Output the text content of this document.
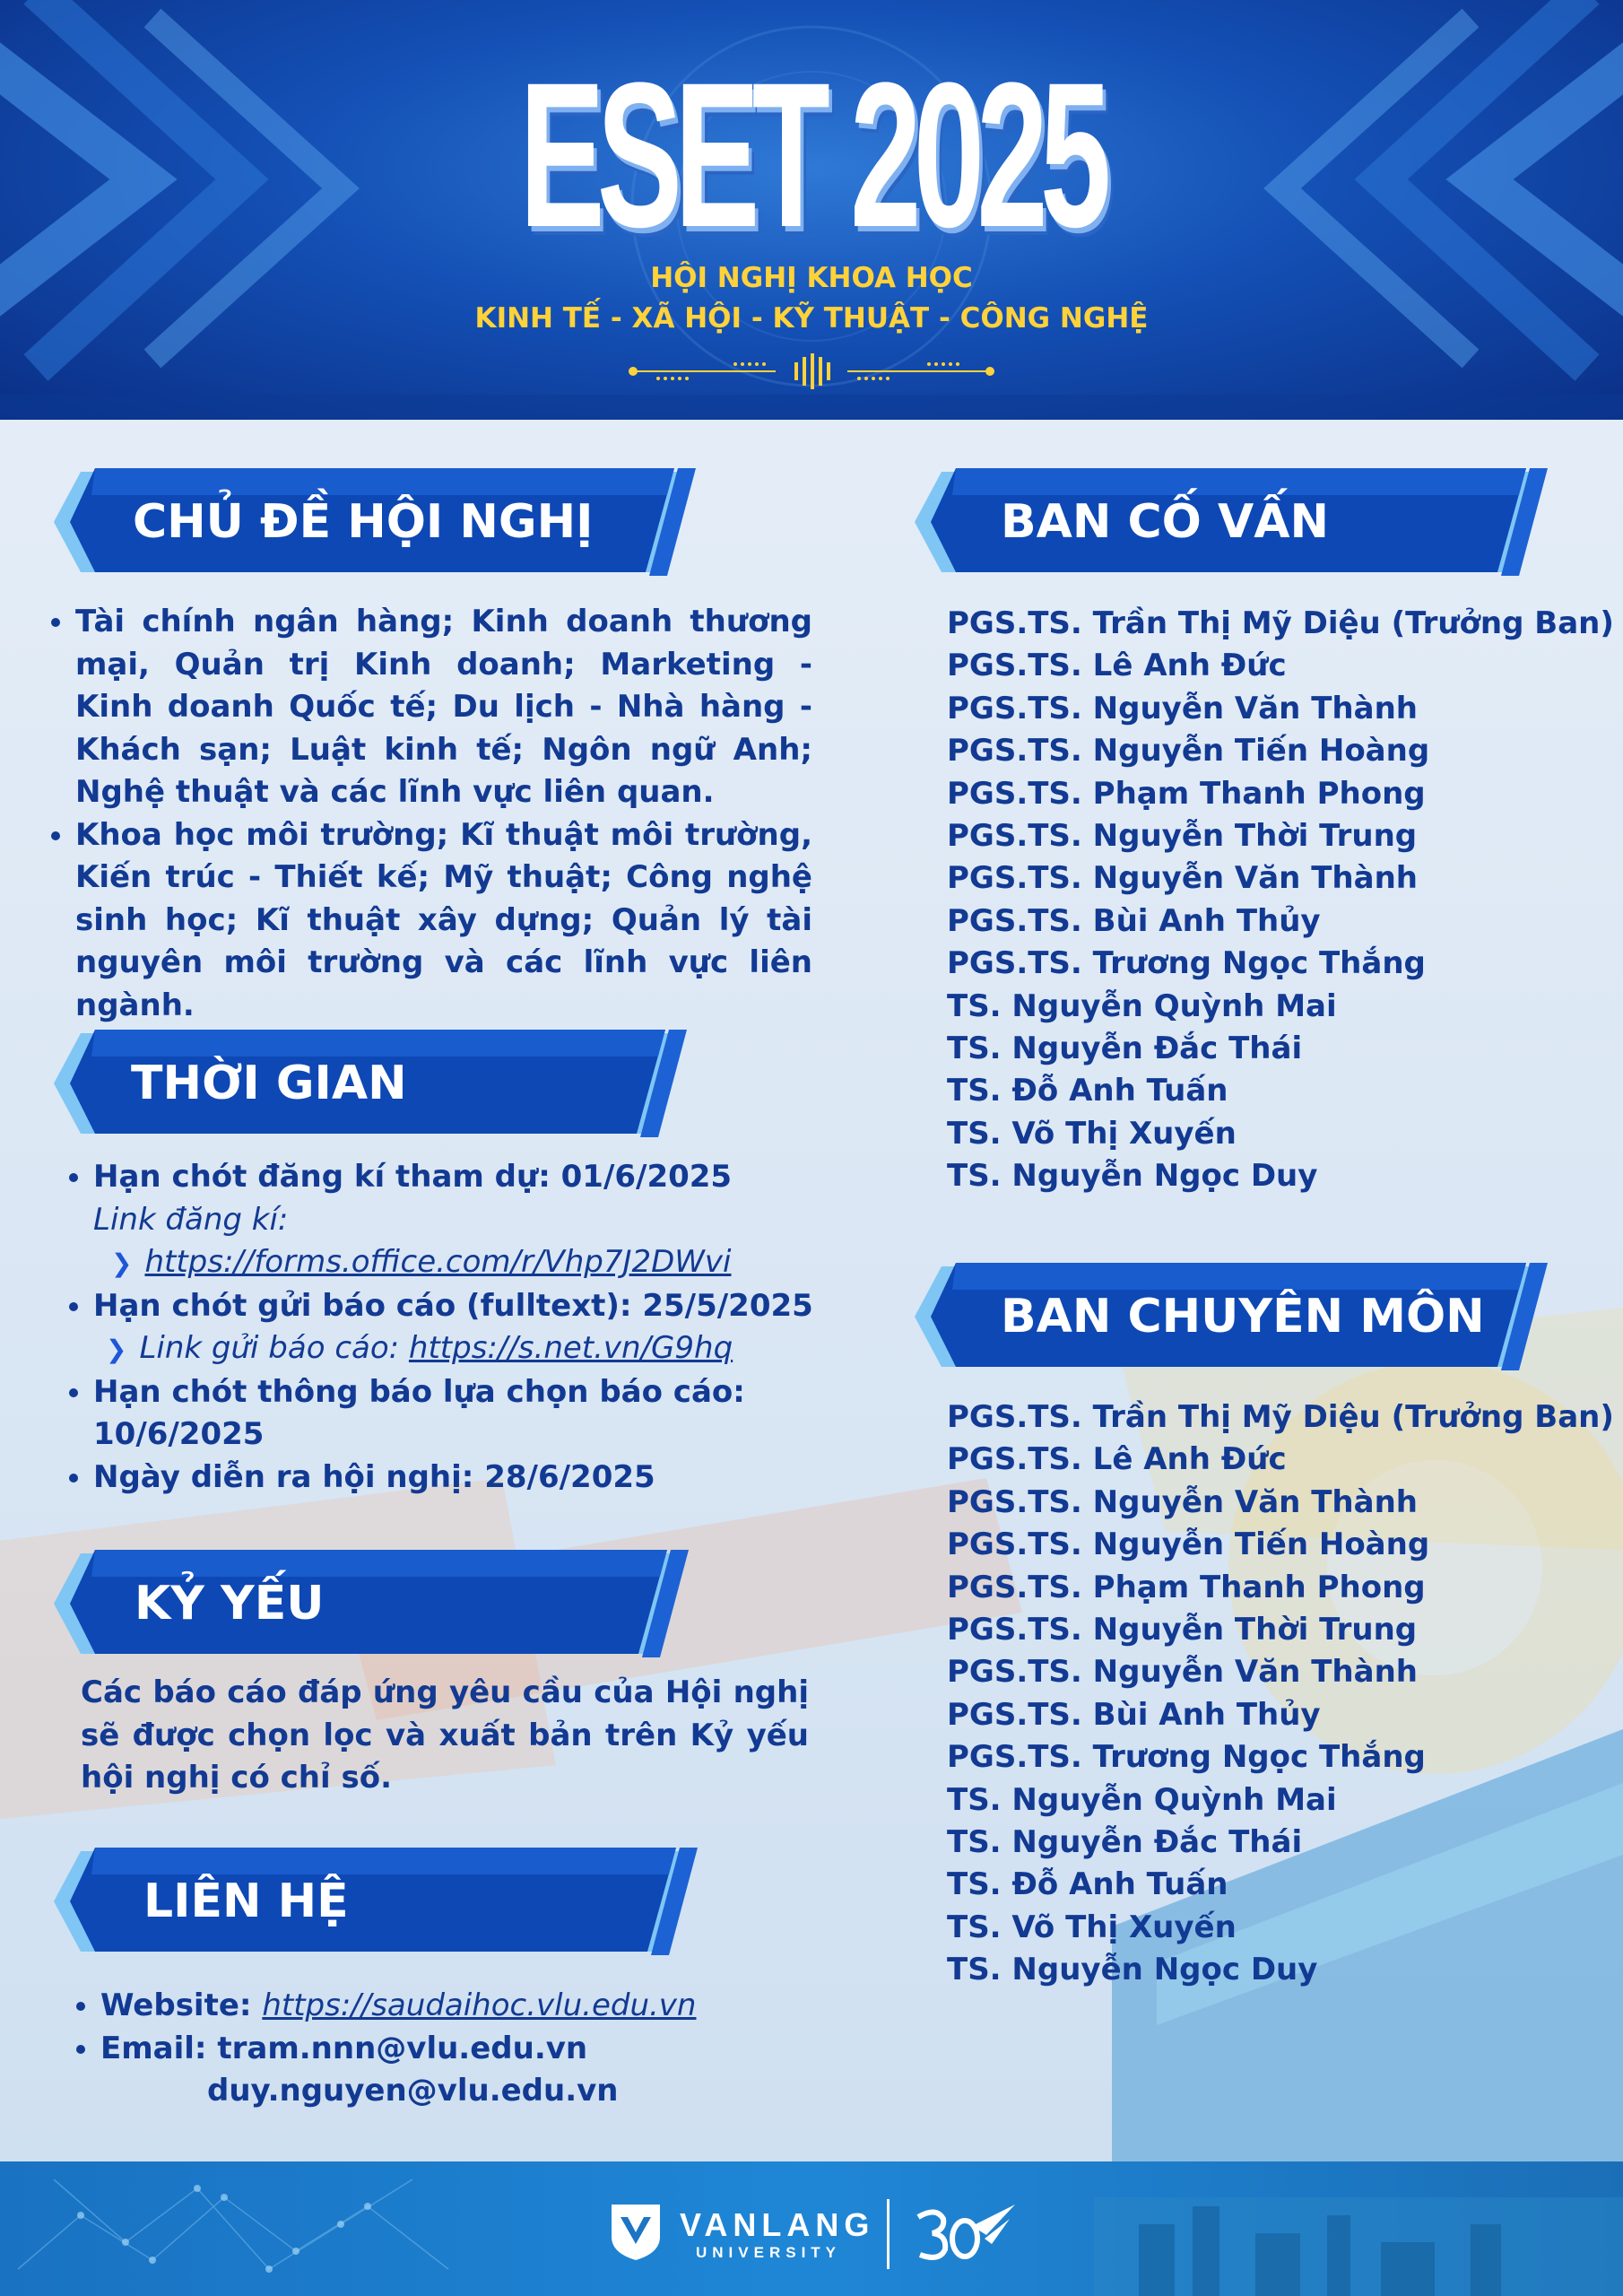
ESET 2025
HỘI NGHỊ KHOA HỌC
KINH TẾ - XÃ HỘI - KỸ THUẬT - CÔNG NGHỆ
CHỦ ĐỀ HỘI NGHỊ
THỜI GIAN
KỶ YẾU
LIÊN HỆ
BAN CỐ VẤN
BAN CHUYÊN MÔN
• Tài chính ngân hàng; Kinh doanh thương mại, Quản trị Kinh doanh; Marketing - Kinh doanh Quốc tế; Du lịch - Nhà hàng - Khách sạn; Luật kinh tế; Ngôn ngữ Anh; Nghệ thuật và các lĩnh vực liên quan.
• Khoa học môi trường; Kĩ thuật môi trường, Kiến trúc - Thiết kế; Mỹ thuật; Công nghệ sinh học; Kĩ thuật xây dựng; Quản lý tài nguyên môi trường và các lĩnh vực liên ngành.
• Hạn chót đăng kí tham dự: 01/6/2025
Link đăng kí:
❯ https://forms.office.com/r/Vhp7J2DWvi
• Hạn chót gửi báo cáo (fulltext): 25/5/2025
❯ Link gửi báo cáo: https://s.net.vn/G9hq
• Hạn chót thông báo lựa chọn báo cáo:
10/6/2025
• Ngày diễn ra hội nghị: 28/6/2025
Các báo cáo đáp ứng yêu cầu của Hội nghị sẽ được chọn lọc và xuất bản trên Kỷ yếu hội nghị có chỉ số.
• Website: https://saudaihoc.vlu.edu.vn
• Email: tram.nnn@vlu.edu.vn
duy.nguyen@vlu.edu.vn
PGS.TS. Trần Thị Mỹ Diệu (Trưởng Ban)
PGS.TS. Lê Anh Đức
PGS.TS. Nguyễn Văn Thành
PGS.TS. Nguyễn Tiến Hoàng
PGS.TS. Phạm Thanh Phong
PGS.TS. Nguyễn Thời Trung
PGS.TS. Nguyễn Văn Thành
PGS.TS. Bùi Anh Thủy
PGS.TS. Trương Ngọc Thắng
TS. Nguyễn Quỳnh Mai
TS. Nguyễn Đắc Thái
TS. Đỗ Anh Tuấn
TS. Võ Thị Xuyến
TS. Nguyễn Ngọc Duy
PGS.TS. Trần Thị Mỹ Diệu (Trưởng Ban)
PGS.TS. Lê Anh Đức
PGS.TS. Nguyễn Văn Thành
PGS.TS. Nguyễn Tiến Hoàng
PGS.TS. Phạm Thanh Phong
PGS.TS. Nguyễn Thời Trung
PGS.TS. Nguyễn Văn Thành
PGS.TS. Bùi Anh Thủy
PGS.TS. Trương Ngọc Thắng
TS. Nguyễn Quỳnh Mai
TS. Nguyễn Đắc Thái
TS. Đỗ Anh Tuấn
TS. Võ Thị Xuyến
TS. Nguyễn Ngọc Duy
VANLANG
UNIVERSITY
